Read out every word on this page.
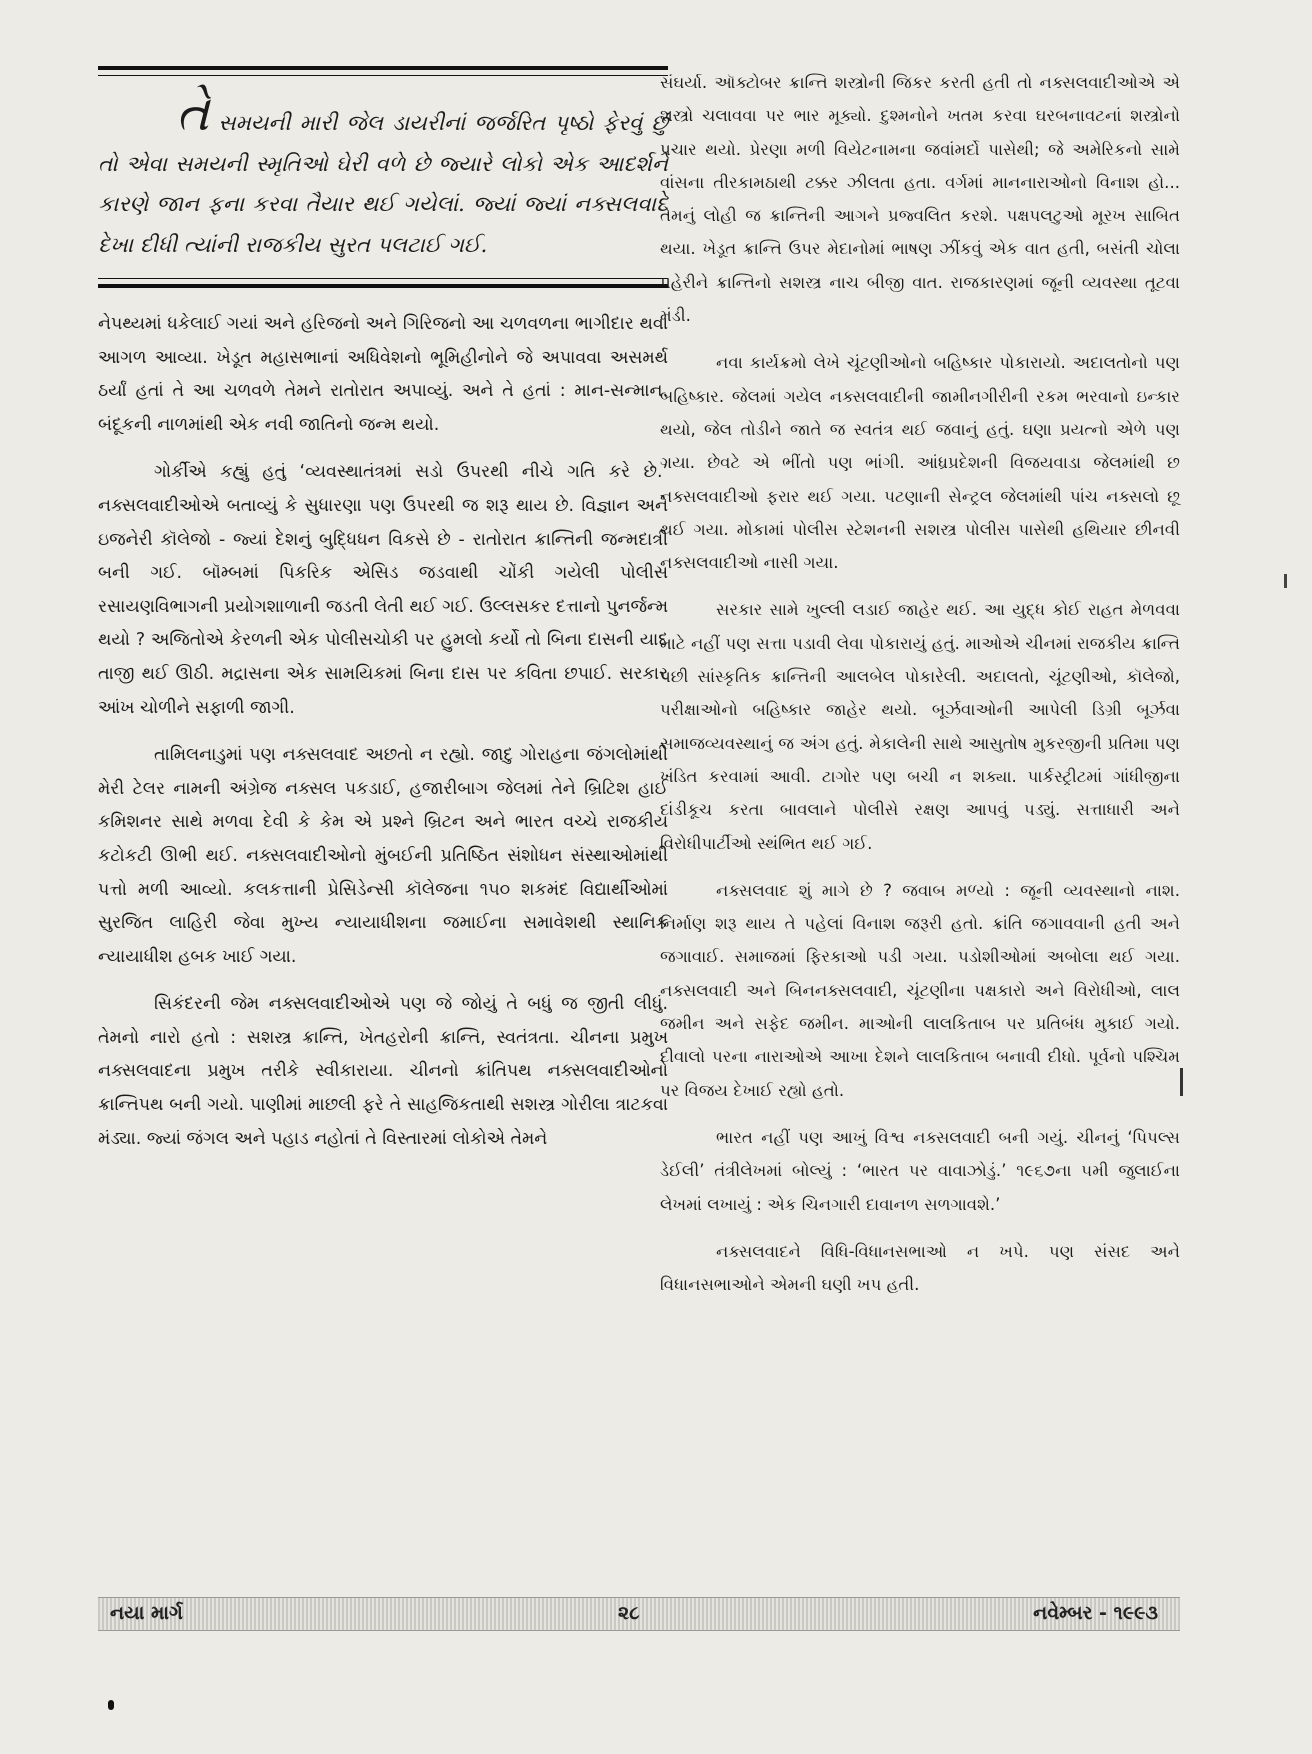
તે સમયની મારી જેલ ડાયરીનાં જર્જરિત પૃષ્ઠો ફેરવું છું તો એવા સમયની સ્મૃતિઓ ઘેરી વળે છે જ્યારે લોકો એક આદર્શને કારણે જાન ફના કરવા તૈયાર થઈ ગયેલાં. જ્યાં જ્યાં નક્સલવાદે દેખા દીધી ત્યાંની રાજકીય સુરત પલટાઈ ગઈ.

નેપથ્યમાં ધકેલાઈ ગયાં અને હરિજનો અને ગિરિજનો આ ચળવળના ભાગીદાર થવા આગળ આવ્યા. ખેડૂત મહાસભાનાં અધિવેશનો ભૂમિહીનોને જે અપાવવા અસમર્થ ઠર્યાં હતાં તે આ ચળવળે તેમને રાતોરાત અપાવ્યું. અને તે હતાં : માન-સન્માન. બંદૂકની નાળમાંથી એક નવી જાતિનો જન્મ થયો.

ગોર્કીએ કહ્યું હતું ‘વ્યવસ્થાતંત્રમાં સડો ઉપરથી નીચે ગતિ કરે છે.’ નક્સલવાદીઓએ બતાવ્યું કે સુધારણા પણ ઉપરથી જ શરૂ થાય છે. વિજ્ઞાન અને ઇજનેરી કૉલેજો - જ્યાં દેશનું બુદ્ધિધન વિકસે છે - રાતોરાત ક્રાન્તિની જન્મદાત્રી બની ગઈ. બૉમ્બમાં પિકરિક એસિડ જડવાથી ચોંકી ગયેલી પોલીસ રસાયણવિભાગની પ્રયોગશાળાની જડતી લેતી થઈ ગઈ. ઉલ્લસકર દત્તાનો પુનર્જન્મ થયો ? અજિતોએ કેરળની એક પોલીસચોકી પર હુમલો કર્યો તો બિના દાસની યાદ તાજી થઈ ઊઠી. મદ્રાસના એક સામયિકમાં બિના દાસ પર કવિતા છપાઈ. સરકાર આંખ ચોળીને સફાળી જાગી.

તામિલનાડુમાં પણ નક્સલવાદ અછતો ન રહ્યો. જાદુ ગોરાહના જંગલોમાંથી મેરી ટેલર નામની અંગ્રેજ નક્સલ પકડાઈ, હજારીબાગ જેલમાં તેને બ્રિટિશ હાઈ કમિશનર સાથે મળવા દેવી કે કેમ એ પ્રશ્ને બ્રિટન અને ભારત વચ્ચે રાજકીય કટોકટી ઊભી થઈ. નક્સલવાદીઓનો મુંબઈની પ્રતિષ્ઠિત સંશોધન સંસ્થાઓમાંથી પત્તો મળી આવ્યો. કલકત્તાની પ્રેસિડેન્સી કૉલેજના ૧૫૦ શકમંદ વિદ્યાર્થીઓમાં સુરજિત લાહિરી જેવા મુખ્ય ન્યાયાધીશના જમાઈના સમાવેશથી સ્થાનિક ન્યાયાધીશ હબક ખાઈ ગયા.

સિકંદરની જેમ નક્સલવાદીઓએ પણ જે જોયું તે બધું જ જીતી લીધું. તેમનો નારો હતો : સશસ્ત્ર ક્રાન્તિ, ખેતહરોની ક્રાન્તિ, સ્વતંત્રતા. ચીનના પ્રમુખ નક્સલવાદના પ્રમુખ તરીકે સ્વીકારાયા. ચીનનો ક્રાંતિપથ નક્સલવાદીઓનો ક્રાન્તિપથ બની ગયો. પાણીમાં માછલી ફરે તે સાહજિકતાથી સશસ્ત્ર ગોરીલા ત્રાટકવા મંડ્યા. જ્યાં જંગલ અને પહાડ નહોતાં તે વિસ્તારમાં લોકોએ તેમને

સંઘર્યા. ઑક્ટોબર ક્રાન્તિ શસ્ત્રોની જિકર કરતી હતી તો નક્સલવાદીઓએ એ શસ્ત્રો ચલાવવા પર ભાર મૂક્યો. દુશ્મનોને ખતમ કરવા ઘરબનાવટનાં શસ્ત્રોનો પ્રચાર થયો. પ્રેરણા મળી વિયેટનામના જવાંમર્દો પાસેથી; જે અમેરિકનો સામે વાંસના તીરકામઠાથી ટક્કર ઝીલતા હતા. વર્ગમાં માનનારાઓનો વિનાશ હો... તેમનું લોહી જ ક્રાન્તિની આગને પ્રજ્વલિત કરશે. પક્ષપલટુઓ મૂરખ સાબિત થયા. ખેડૂત ક્રાન્તિ ઉપર મેદાનોમાં ભાષણ ઝીંકવું એક વાત હતી, બસંતી ચોલા પહેરીને ક્રાન્તિનો સશસ્ત્ર નાચ બીજી વાત. રાજકારણમાં જૂની વ્યવસ્થા તૂટવા મંડી.

નવા કાર્યક્રમો લેખે ચૂંટણીઓનો બહિષ્કાર પોકારાયો. અદાલતોનો પણ બહિષ્કાર. જેલમાં ગયેલ નક્સલવાદીની જામીનગીરીની રકમ ભરવાનો ઇન્કાર થયો, જેલ તોડીને જાતે જ સ્વતંત્ર થઈ જવાનું હતું. ઘણા પ્રયત્નો એળે પણ ગયા. છેવટે એ ભીંતો પણ ભાંગી. આંધ્રપ્રદેશની વિજયવાડા જેલમાંથી છ નક્સલવાદીઓ ફરાર થઈ ગયા. પટણાની સેન્ટ્રલ જેલમાંથી પાંચ નક્સલો છૂ થઈ ગયા. મોકામાં પોલીસ સ્ટેશનની સશસ્ત્ર પોલીસ પાસેથી હથિયાર છીનવી નક્સલવાદીઓ નાસી ગયા.

સરકાર સામે ખુલ્લી લડાઈ જાહેર થઈ. આ યુદ્ધ કોઈ રાહત મેળવવા માટે નહીં પણ સત્તા પડાવી લેવા પોકારાયું હતું. માઓએ ચીનમાં રાજકીય ક્રાન્તિ પછી સાંસ્કૃતિક ક્રાન્તિની આલબેલ પોકારેલી. અદાલતો, ચૂંટણીઓ, કૉલેજો, પરીક્ષાઓનો બહિષ્કાર જાહેર થયો. બૂર્ઝવાઓની આપેલી ડિગ્રી બૂર્ઝવા સમાજવ્યવસ્થાનું જ અંગ હતું. મેકાલેની સાથે આસુતોષ મુકરજીની પ્રતિમા પણ ખંડિત કરવામાં આવી. ટાગોર પણ બચી ન શક્યા. પાર્કસ્ટ્રીટમાં ગાંધીજીના દાંડીકૂચ કરતા બાવલાને પોલીસે રક્ષણ આપવું પડ્યું. સત્તાધારી અને વિરોધીપાર્ટીઓ સ્થંભિત થઈ ગઈ.

નક્સલવાદ શું માગે છે ? જવાબ મળ્યો : જૂની વ્યવસ્થાનો નાશ. નિર્માણ શરૂ થાય તે પહેલાં વિનાશ જરૂરી હતો. ક્રાંતિ જગાવવાની હતી અને જગાવાઈ. સમાજમાં ફિરકાઓ પડી ગયા. પડોશીઓમાં અબોલા થઈ ગયા. નક્સલવાદી અને બિનનક્સલવાદી, ચૂંટણીના પક્ષકારો અને વિરોધીઓ, લાલ જમીન અને સફેદ જમીન. માઓની લાલકિતાબ પર પ્રતિબંધ મુકાઈ ગયો. દીવાલો પરના નારાઓએ આખા દેશને લાલકિતાબ બનાવી દીધો. પૂર્વનો પશ્ચિમ પર વિજય દેખાઈ રહ્યો હતો.

ભારત નહીં પણ આખું વિશ્વ નક્સલવાદી બની ગયું. ચીનનું ‘પિપલ્સ ડેઈલી’ તંત્રીલેખમાં બોલ્યું : ‘ભારત પર વાવાઝોડું.’ ૧૯૬૭ના ૫મી જુલાઈના લેખમાં લખાયું : એક ચિનગારી દાવાનળ સળગાવશે.’

નક્સલવાદને વિધિ-વિધાનસભાઓ ન ખપે. પણ સંસદ અને વિધાનસભાઓને એમની ઘણી ખપ હતી.

નયા માર્ગ	૨૮	નવેમ્બર - ૧૯૯૩
